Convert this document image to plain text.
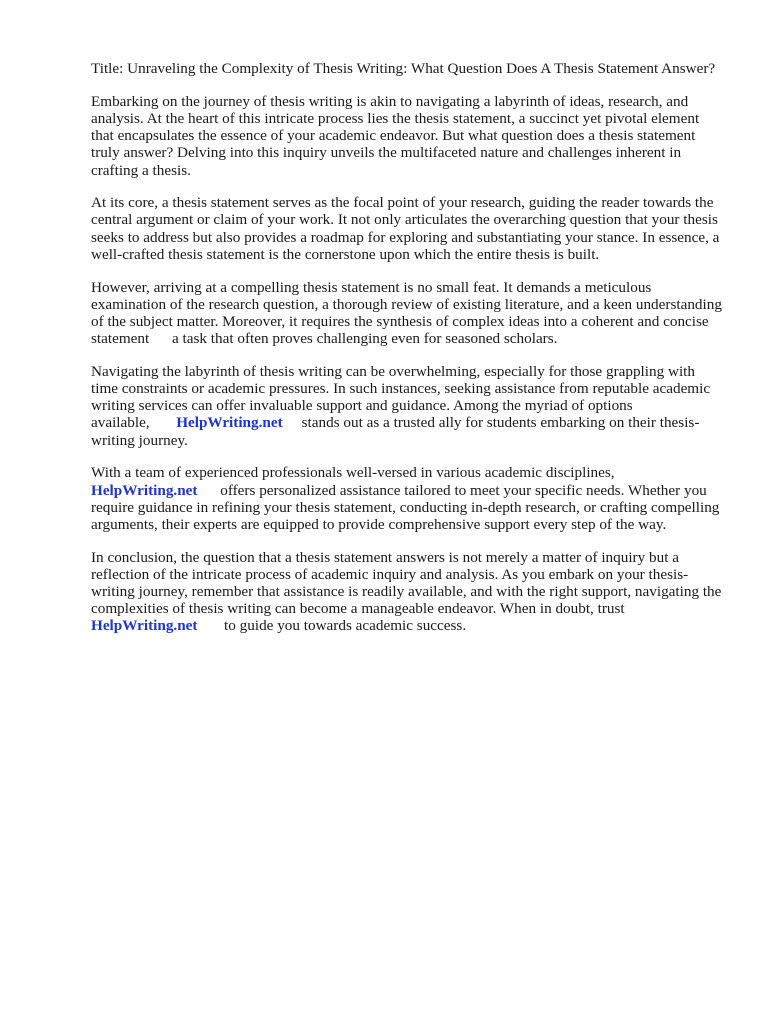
Title: Unraveling the Complexity of Thesis Writing: What Question Does A Thesis Statement Answer?

Embarking on the journey of thesis writing is akin to navigating a labyrinth of ideas, research, and analysis. At the heart of this intricate process lies the thesis statement, a succinct yet pivotal element that encapsulates the essence of your academic endeavor. But what question does a thesis statement truly answer? Delving into this inquiry unveils the multifaceted nature and challenges inherent in crafting a thesis.

At its core, a thesis statement serves as the focal point of your research, guiding the reader towards the central argument or claim of your work. It not only articulates the overarching question that your thesis seeks to address but also provides a roadmap for exploring and substantiating your stance. In essence, a well-crafted thesis statement is the cornerstone upon which the entire thesis is built.

However, arriving at a compelling thesis statement is no small feat. It demands a meticulous examination of the research question, a thorough review of existing literature, and a keen understanding of the subject matter. Moreover, it requires the synthesis of complex ideas into a coherent and concise statement   a task that often proves challenging even for seasoned scholars.

Navigating the labyrinth of thesis writing can be overwhelming, especially for those grappling with time constraints or academic pressures. In such instances, seeking assistance from reputable academic writing services can offer invaluable support and guidance. Among the myriad of options available, HelpWriting.net stands out as a trusted ally for students embarking on their thesis-writing journey.

With a team of experienced professionals well-versed in various academic disciplines, HelpWriting.net offers personalized assistance tailored to meet your specific needs. Whether you require guidance in refining your thesis statement, conducting in-depth research, or crafting compelling arguments, their experts are equipped to provide comprehensive support every step of the way.

In conclusion, the question that a thesis statement answers is not merely a matter of inquiry but a reflection of the intricate process of academic inquiry and analysis. As you embark on your thesis-writing journey, remember that assistance is readily available, and with the right support, navigating the complexities of thesis writing can become a manageable endeavor. When in doubt, trust HelpWriting.net to guide you towards academic success.
